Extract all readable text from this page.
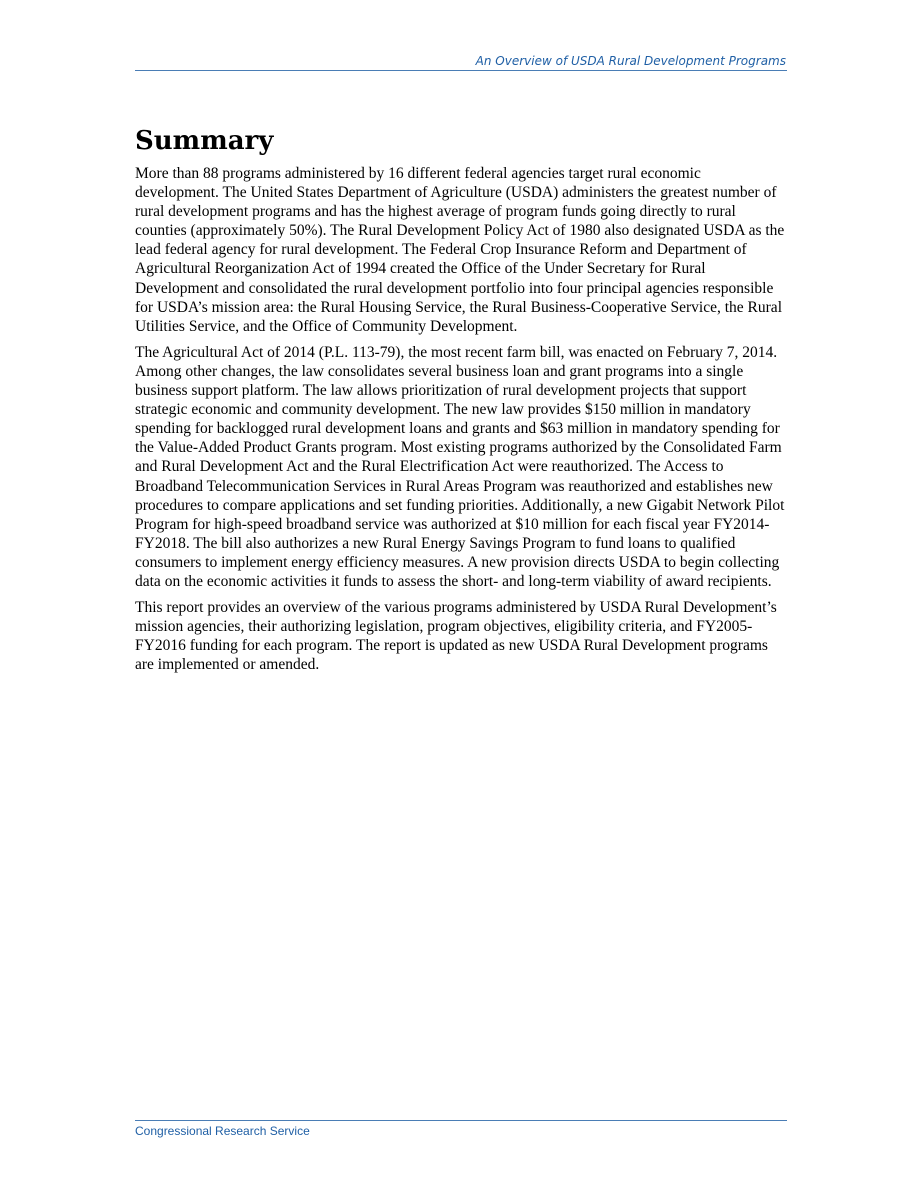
An Overview of USDA Rural Development Programs
Summary

More than 88 programs administered by 16 different federal agencies target rural economic development. The United States Department of Agriculture (USDA) administers the greatest number of rural development programs and has the highest average of program funds going directly to rural counties (approximately 50%). The Rural Development Policy Act of 1980 also designated USDA as the lead federal agency for rural development. The Federal Crop Insurance Reform and Department of Agricultural Reorganization Act of 1994 created the Office of the Under Secretary for Rural Development and consolidated the rural development portfolio into four principal agencies responsible for USDA’s mission area: the Rural Housing Service, the Rural Business-Cooperative Service, the Rural Utilities Service, and the Office of Community Development.

The Agricultural Act of 2014 (P.L. 113-79), the most recent farm bill, was enacted on February 7, 2014. Among other changes, the law consolidates several business loan and grant programs into a single business support platform. The law allows prioritization of rural development projects that support strategic economic and community development. The new law provides $150 million in mandatory spending for backlogged rural development loans and grants and $63 million in mandatory spending for the Value-Added Product Grants program. Most existing programs authorized by the Consolidated Farm and Rural Development Act and the Rural Electrification Act were reauthorized. The Access to Broadband Telecommunication Services in Rural Areas Program was reauthorized and establishes new procedures to compare applications and set funding priorities. Additionally, a new Gigabit Network Pilot Program for high-speed broadband service was authorized at $10 million for each fiscal year FY2014-FY2018. The bill also authorizes a new Rural Energy Savings Program to fund loans to qualified consumers to implement energy efficiency measures. A new provision directs USDA to begin collecting data on the economic activities it funds to assess the short- and long-term viability of award recipients.

This report provides an overview of the various programs administered by USDA Rural Development’s mission agencies, their authorizing legislation, program objectives, eligibility criteria, and FY2005-FY2016 funding for each program. The report is updated as new USDA Rural Development programs are implemented or amended.

Congressional Research Service
